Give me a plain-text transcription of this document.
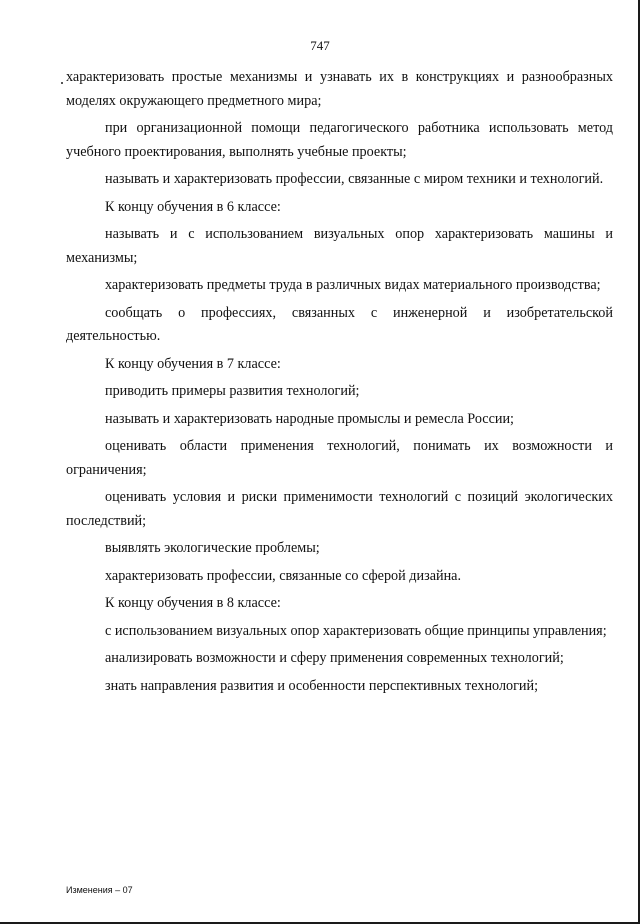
747

характеризовать простые механизмы и узнавать их в конструкциях и разнообразных моделях окружающего предметного мира;

при организационной помощи педагогического работника использовать метод учебного проектирования, выполнять учебные проекты;

называть и характеризовать профессии, связанные с миром техники и технологий.

К концу обучения в 6 классе:

называть и с использованием визуальных опор характеризовать машины и механизмы;

характеризовать предметы труда в различных видах материального производства;

сообщать о профессиях, связанных с инженерной и изобретательской деятельностью.

К концу обучения в 7 классе:

приводить примеры развития технологий;

называть и характеризовать народные промыслы и ремесла России;

оценивать области применения технологий, понимать их возможности и ограничения;

оценивать условия и риски применимости технологий с позиций экологических последствий;

выявлять экологические проблемы;

характеризовать профессии, связанные со сферой дизайна.

К концу обучения в 8 классе:

с использованием визуальных опор характеризовать общие принципы управления;

анализировать возможности и сферу применения современных технологий;

знать направления развития и особенности перспективных технологий;

Изменения – 07
